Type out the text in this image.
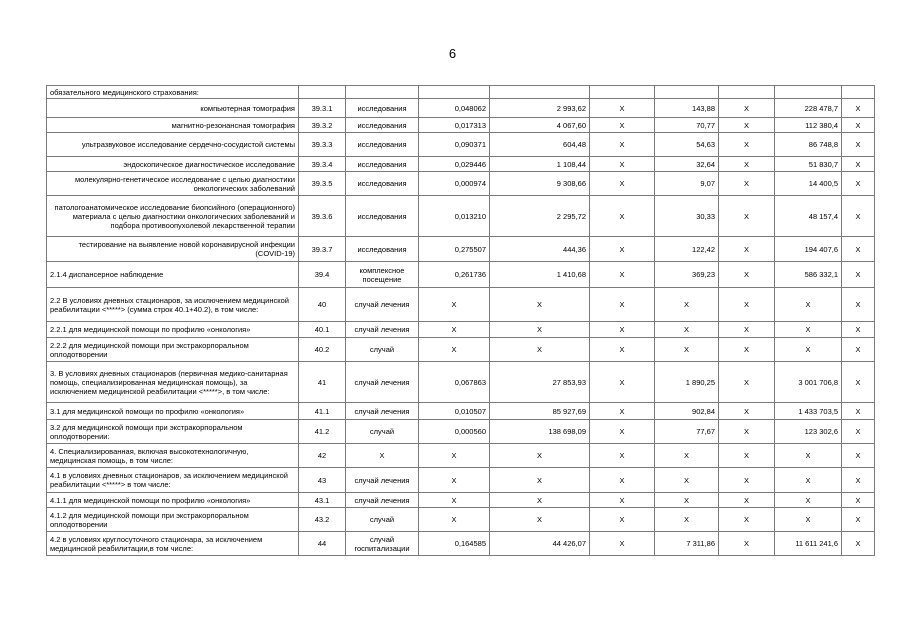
6
обязательного медицинского страхования:									
компьютерная томография	39.3.1	исследования	0,048062	2 993,62	X	143,88	X	228 478,7	X
магнитно-резонансная томография	39.3.2	исследования	0,017313	4 067,60	X	70,77	X	112 380,4	X
ультразвуковое исследование сердечно-сосудистой системы	39.3.3	исследования	0,090371	604,48	X	54,63	X	86 748,8	X
эндоскопическое диагностическое исследование	39.3.4	исследования	0,029446	1 108,44	X	32,64	X	51 830,7	X
молекулярно-генетическое исследование с целью диагностики онкологических заболеваний	39.3.5	исследования	0,000974	9 308,66	X	9,07	X	14 400,5	X
патологоанатомическое исследование биопсийного (операционного) материала с целью диагностики онкологических заболеваний и подбора противоопухолевой лекарственной терапии	39.3.6	исследования	0,013210	2 295,72	X	30,33	X	48 157,4	X
тестирование на выявление новой коронавирусной инфекции (COVID-19)	39.3.7	исследования	0,275507	444,36	X	122,42	X	194 407,6	X
2.1.4 диспансерное наблюдение	39.4	комплексное посещение	0,261736	1 410,68	X	369,23	X	586 332,1	X
2.2 В условиях дневных стационаров, за исключением медицинской реабилитации <*****> (сумма строк 40.1+40.2), в том числе:	40	случай лечения	X	X	X	X	X	X	X
2.2.1 для медицинской помощи по профилю «онкология»	40.1	случай лечения	X	X	X	X	X	X	X
2.2.2 для медицинской помощи при экстракорпоральном оплодотворении	40.2	случай	X	X	X	X	X	X	X
3. В условиях дневных стационаров (первичная медико-санитарная помощь, специализированная медицинская помощь), за исключением медицинской реабилитации <*****>, в том числе:	41	случай лечения	0,067863	27 853,93	X	1 890,25	X	3 001 706,8	X
3.1 для медицинской помощи по профилю «онкология»	41.1	случай лечения	0,010507	85 927,69	X	902,84	X	1 433 703,5	X
3.2 для медицинской помощи при экстракорпоральном оплодотворении:	41.2	случай	0,000560	138 698,09	X	77,67	X	123 302,6	X
4. Специализированная, включая высокотехнологичную, медицинская помощь, в том числе:	42	X	X	X	X	X	X	X	X
4.1 в условиях дневных стационаров, за исключением медицинской реабилитации <*****> в том числе:	43	случай лечения	X	X	X	X	X	X	X
4.1.1 для медицинской помощи по профилю «онкология»	43.1	случай лечения	X	X	X	X	X	X	X
4.1.2 для медицинской помощи при экстракорпоральном оплодотворении	43.2	случай	X	X	X	X	X	X	X
4.2 в условиях круглосуточного стационара, за исключением медицинской реабилитации,в том числе:	44	случай госпитализации	0,164585	44 426,07	X	7 311,86	X	11 611 241,6	X
